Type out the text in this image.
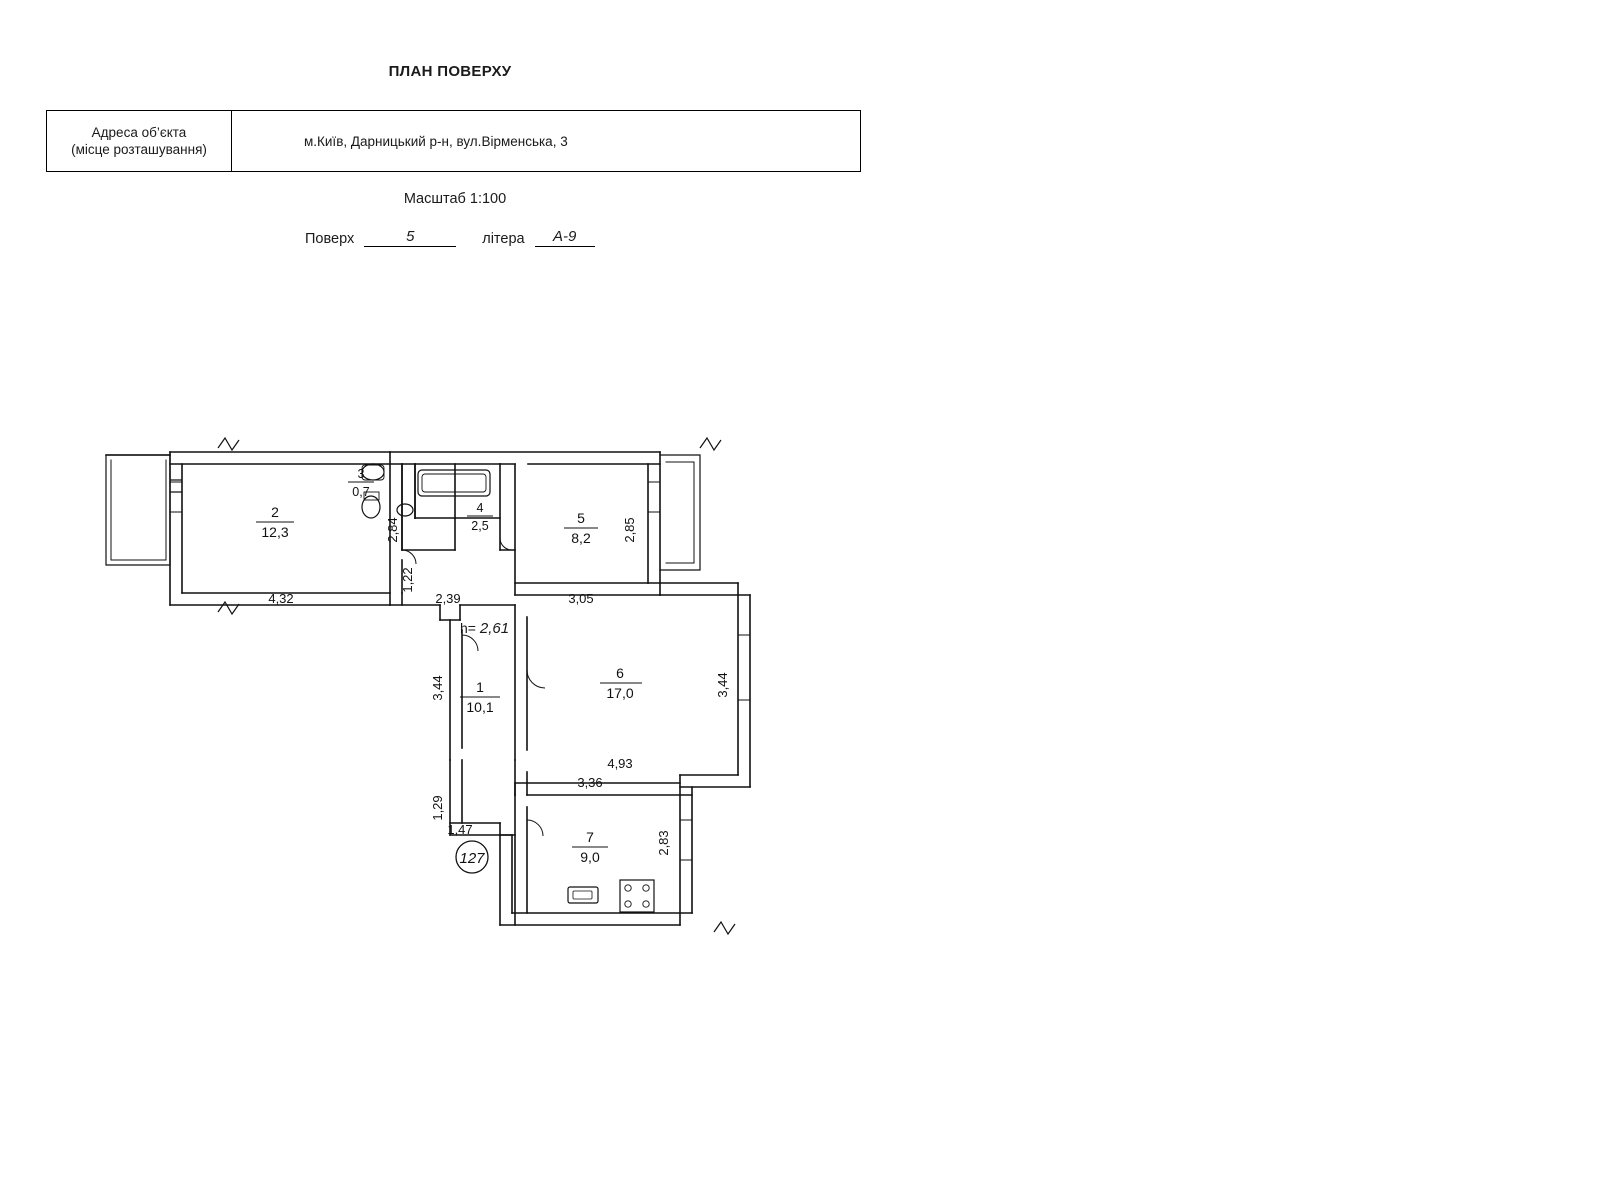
ПЛАН ПОВЕРХУ
Адреса об’єкта
(місце розташування)
м.Київ, Дарницький р-н, вул.Вірменська, 3
Масштаб 1:100
Поверх	5	літера	А-9
h= 2,61
127
2
12,3
3
0,7
4
2,5	5
8,2
6
17,0
1
10,1
7
9,0
4,32
2,84
1,22
2,39	3,05
2,85
4,93
3,44
3,44
1,29
1,47
3,36
2,83
